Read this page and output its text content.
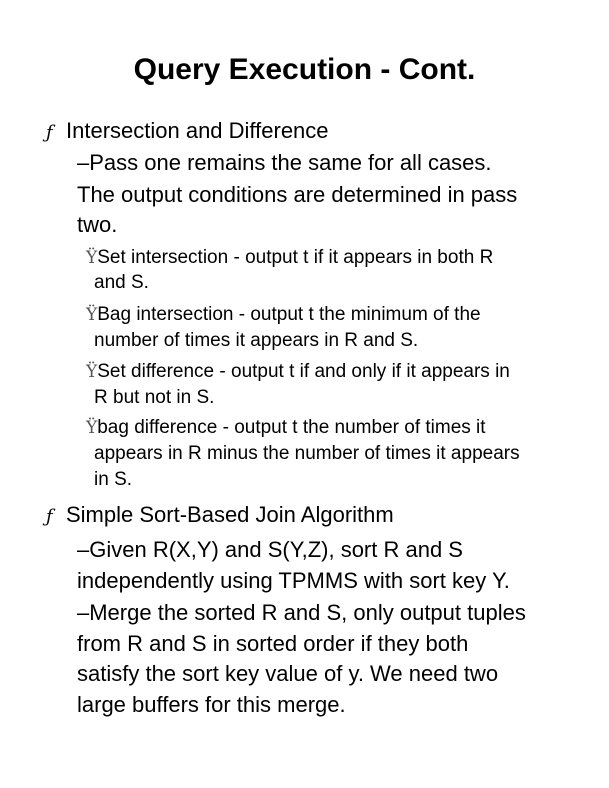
Query Execution - Cont.
ƒ Intersection and Difference
–Pass one remains the same for all cases.
The output conditions are determined in pass
two.
ŸSet intersection - output t if it appears in both R
and S.
ŸBag intersection - output t the minimum of the
number of times it appears in R and S.
ŸSet difference - output t if and only if it appears in
R but not in S.
Ÿbag difference - output t the number of times it
appears in R minus the number of times it appears
in S.
ƒ Simple Sort-Based Join Algorithm
–Given R(X,Y) and S(Y,Z), sort R and S
independently using TPMMS with sort key Y.
–Merge the sorted R and S, only output tuples
from R and S in sorted order if they both
satisfy the sort key value of y. We need two
large buffers for this merge.
